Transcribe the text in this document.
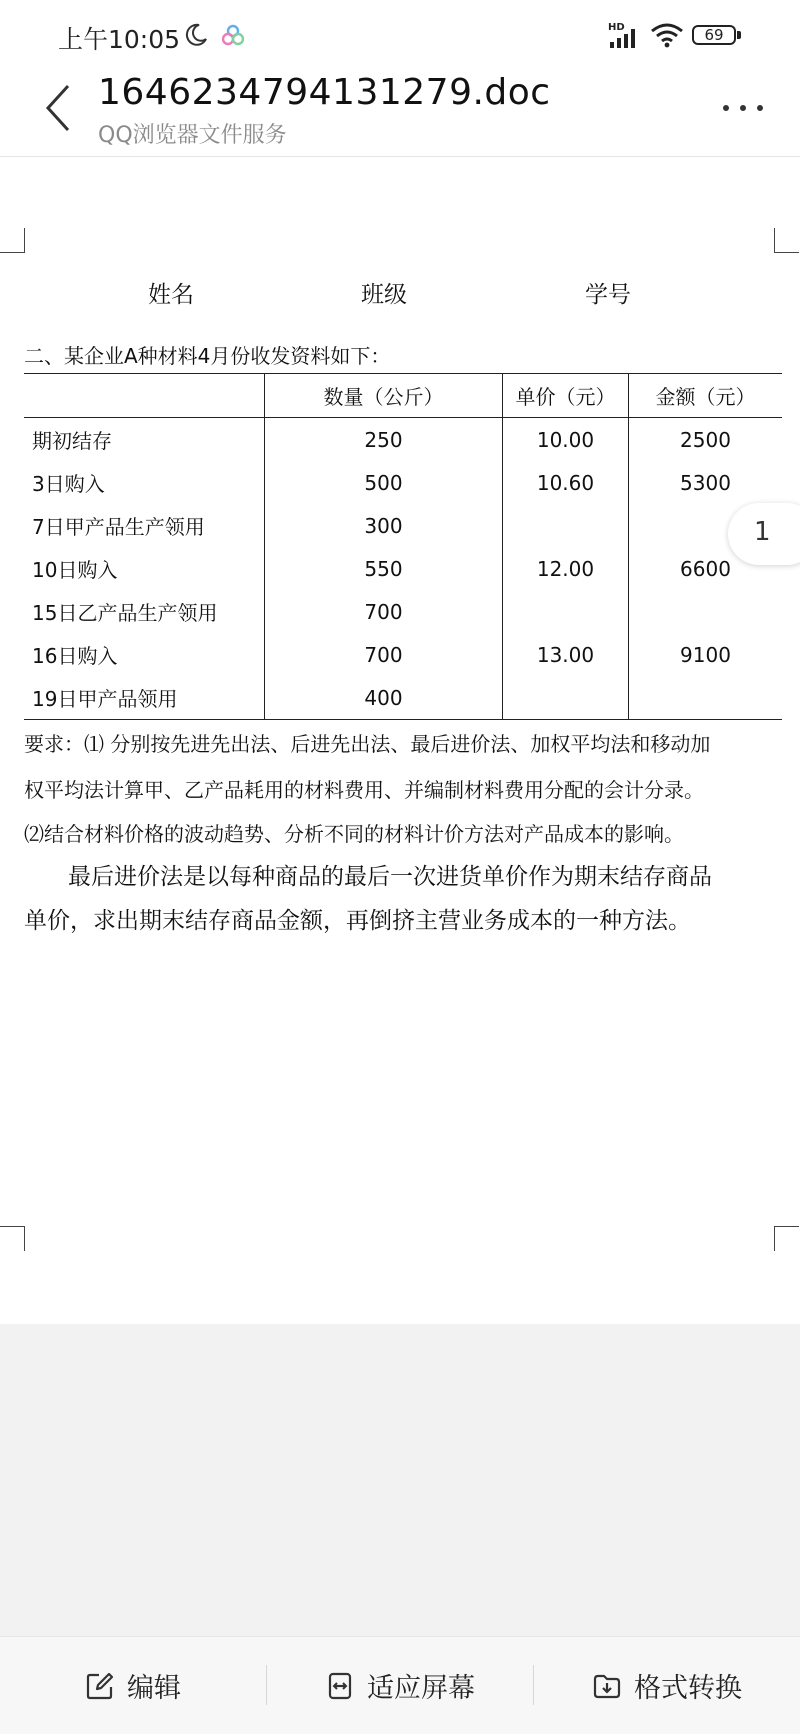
上午10:05	HD	69
1646234794131279.doc
QQ浏览器文件服务
姓名	班级	学号
二、某企业A种材料4月份收发资料如下：
	数量（公斤）	单价（元）	金额（元）
期初结存	250	10.00	2500
3日购入	500	10.60	5300
7日甲产品生产领用	300		
10日购入	550	12.00	6600
15日乙产品生产领用	700		
16日购入	700	13.00	9100
19日甲产品领用	400		
要求：⑴ 分别按先进先出法、后进先出法、最后进价法、加权平均法和移动加
权平均法计算甲、乙产品耗用的材料费用、并编制材料费用分配的会计分录。
⑵结合材料价格的波动趋势、分析不同的材料计价方法对产品成本的影响。
最后进价法是以每种商品的最后一次进货单价作为期末结存商品
单价，求出期末结存商品金额，再倒挤主营业务成本的一种方法。
1
编辑	适应屏幕	格式转换
